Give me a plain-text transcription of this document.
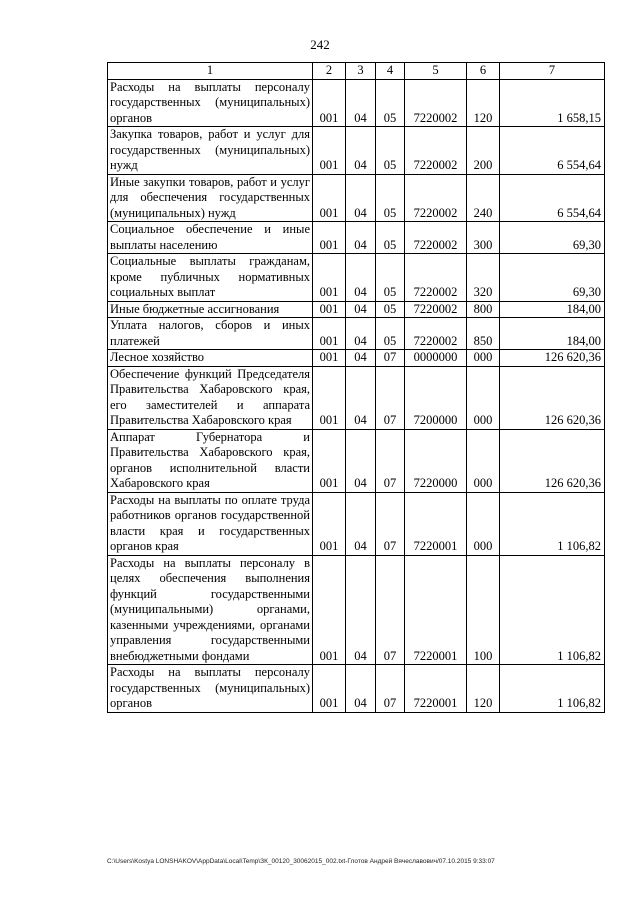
242
1	2	3	4	5	6	7
Расходы на выплаты персоналу государственных (муниципальных) органов	001	04	05	7220002	120	1 658,15
Закупка товаров, работ и услуг для государственных (муниципальных) нужд	001	04	05	7220002	200	6 554,64
Иные закупки товаров, работ и услуг для обеспечения государственных (муниципальных) нужд	001	04	05	7220002	240	6 554,64
Социальное обеспечение и иные выплаты населению	001	04	05	7220002	300	69,30
Социальные выплаты гражданам, кроме публичных нормативных социальных выплат	001	04	05	7220002	320	69,30
Иные бюджетные ассигнования	001	04	05	7220002	800	184,00
Уплата налогов, сборов и иных платежей	001	04	05	7220002	850	184,00
Лесное хозяйство	001	04	07	0000000	000	126 620,36
Обеспечение функций Председателя Правительства Хабаровского края, его заместителей и аппарата Правительства Хабаровского края	001	04	07	7200000	000	126 620,36
Аппарат Губернатора и Правительства Хабаровского края, органов исполнительной власти Хабаровского края	001	04	07	7220000	000	126 620,36
Расходы на выплаты по оплате труда работников органов государственной власти края и государственных органов края	001	04	07	7220001	000	1 106,82
Расходы на выплаты персоналу в целях обеспечения выполнения функций государственными (муниципальными) органами, казенными учреждениями, органами управления государственными внебюджетными фондами	001	04	07	7220001	100	1 106,82
Расходы на выплаты персоналу государственных (муниципальных) органов	001	04	07	7220001	120	1 106,82
C:\Users\Kostya LONSHAKOV\AppData\Local\Temp\ЗК_00120_30062015_002.txt-Глотов Андрей Вячеславович/07.10.2015 9:33:07
